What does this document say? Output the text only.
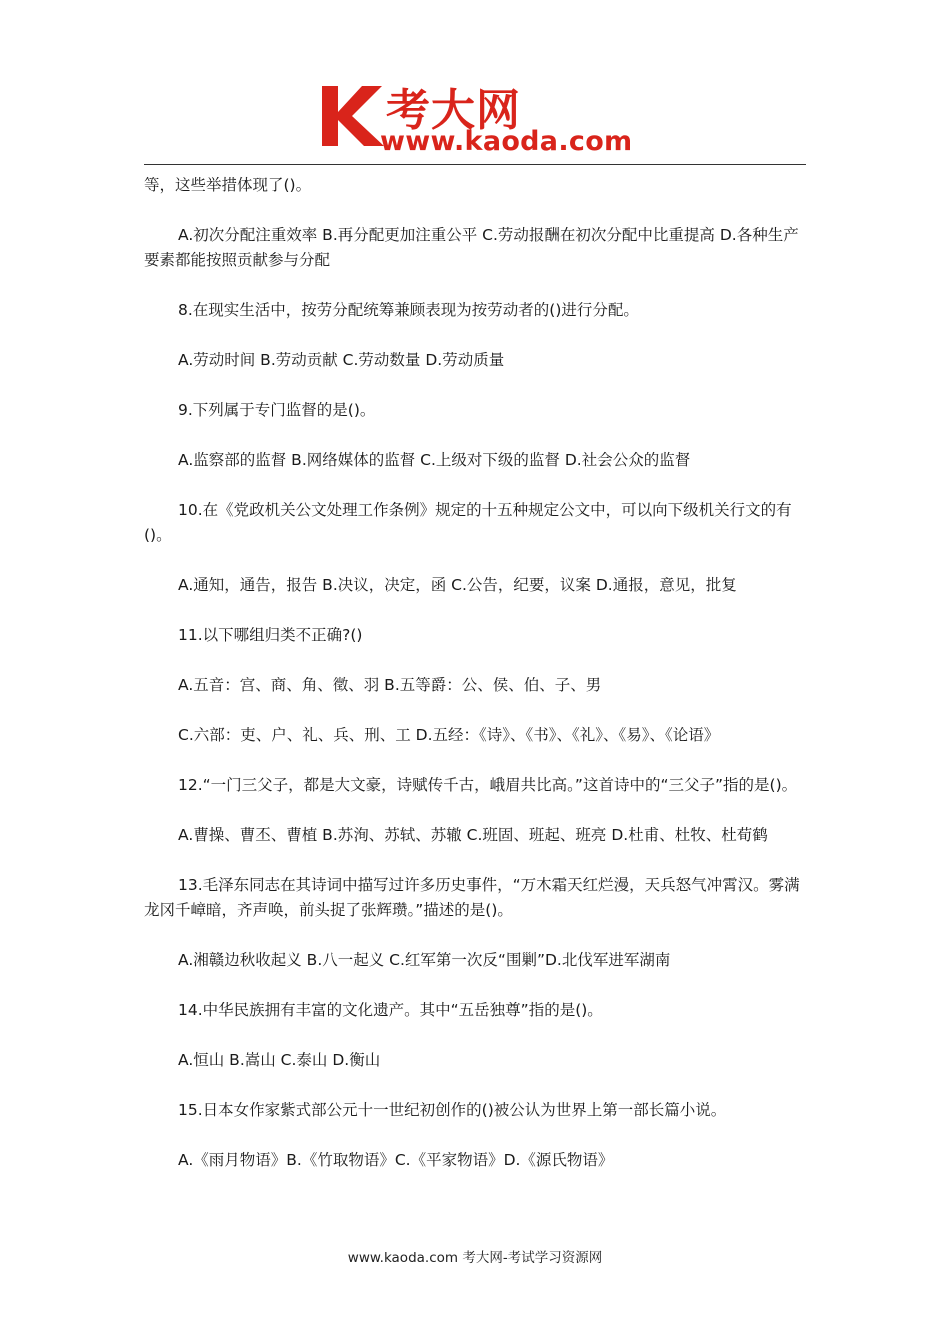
考大网
www.kaoda.com

等，这些举措体现了()。

A.初次分配注重效率 B.再分配更加注重公平 C.劳动报酬在初次分配中比重提高 D.各种生产要素都能按照贡献参与分配

8.在现实生活中，按劳分配统筹兼顾表现为按劳动者的()进行分配。

A.劳动时间 B.劳动贡献 C.劳动数量 D.劳动质量

9.下列属于专门监督的是()。

A.监察部的监督 B.网络媒体的监督 C.上级对下级的监督 D.社会公众的监督

10.在《党政机关公文处理工作条例》规定的十五种规定公文中，可以向下级机关行文的有()。

A.通知，通告，报告 B.决议，决定，函 C.公告，纪要，议案 D.通报，意见，批复

11.以下哪组归类不正确?()

A.五音：宫、商、角、徵、羽 B.五等爵：公、侯、伯、子、男

C.六部：吏、户、礼、兵、刑、工 D.五经：《诗》、《书》、《礼》、《易》、《论语》

12.“一门三父子，都是大文豪，诗赋传千古，峨眉共比高。”这首诗中的“三父子”指的是()。

A.曹操、曹丕、曹植 B.苏洵、苏轼、苏辙 C.班固、班起、班亮 D.杜甫、杜牧、杜荀鹤

13.毛泽东同志在其诗词中描写过许多历史事件，“万木霜天红烂漫，天兵怒气冲霄汉。雾满龙冈千嶂暗，齐声唤，前头捉了张辉瓒。”描述的是()。

A.湘赣边秋收起义 B.八一起义 C.红军第一次反“围剿”D.北伐军进军湖南

14.中华民族拥有丰富的文化遗产。其中“五岳独尊”指的是()。

A.恒山 B.嵩山 C.泰山 D.衡山

15.日本女作家紫式部公元十一世纪初创作的()被公认为世界上第一部长篇小说。

A.《雨月物语》B.《竹取物语》C.《平家物语》D.《源氏物语》

www.kaoda.com 考大网-考试学习资源网
